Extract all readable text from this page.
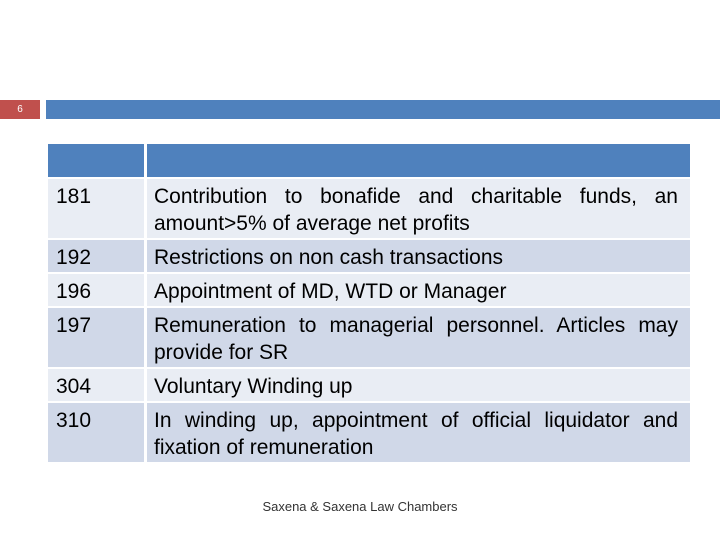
6

181	Contribution to bonafide and charitable funds, an amount>5% of average net profits
192	Restrictions on non cash transactions
196	Appointment of MD, WTD or Manager
197	Remuneration to managerial personnel. Articles may provide for SR
304	Voluntary Winding up
310	In winding up, appointment of official liquidator and fixation of remuneration
Saxena & Saxena Law Chambers
